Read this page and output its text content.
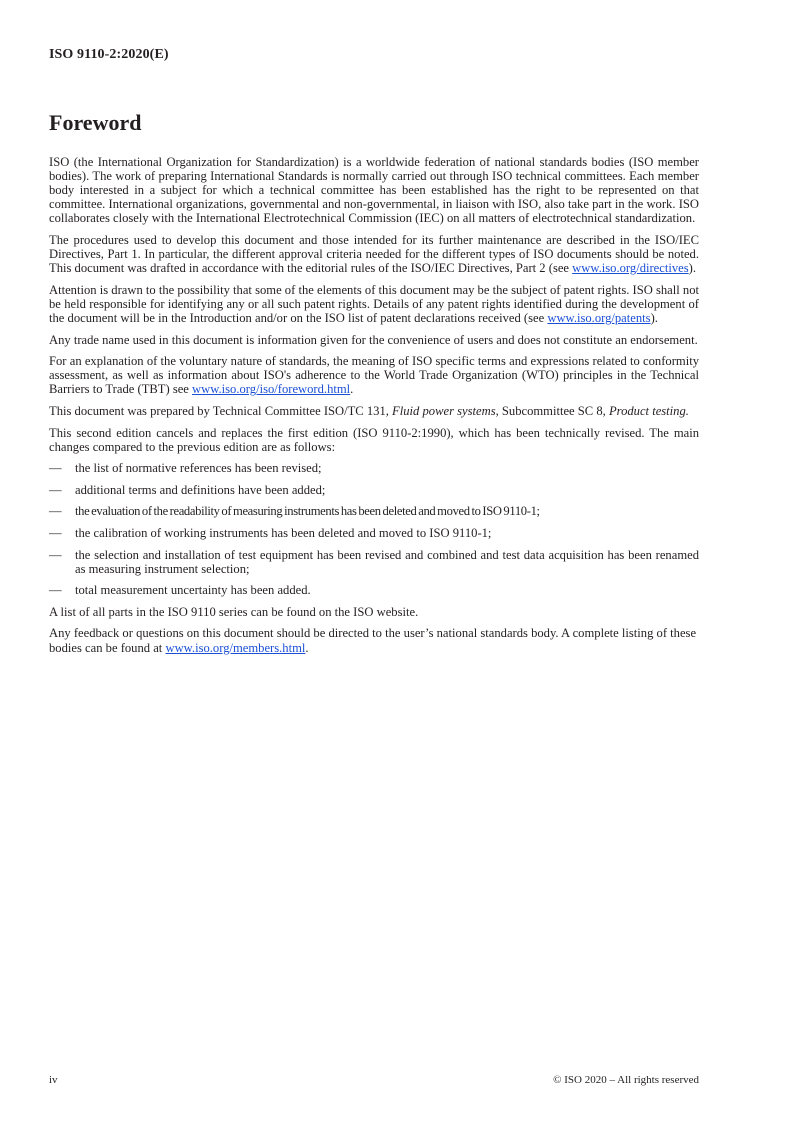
ISO 9110-2:2020(E)
Foreword

ISO (the International Organization for Standardization) is a worldwide federation of national standards bodies (ISO member bodies). The work of preparing International Standards is normally carried out through ISO technical committees. Each member body interested in a subject for which a technical committee has been established has the right to be represented on that committee. International organizations, governmental and non-governmental, in liaison with ISO, also take part in the work. ISO collaborates closely with the International Electrotechnical Commission (IEC) on all matters of electrotechnical standardization.

The procedures used to develop this document and those intended for its further maintenance are described in the ISO/IEC Directives, Part 1. In particular, the different approval criteria needed for the different types of ISO documents should be noted. This document was drafted in accordance with the editorial rules of the ISO/IEC Directives, Part 2 (see www.iso.org/directives).

Attention is drawn to the possibility that some of the elements of this document may be the subject of patent rights. ISO shall not be held responsible for identifying any or all such patent rights. Details of any patent rights identified during the development of the document will be in the Introduction and/or on the ISO list of patent declarations received (see www.iso.org/patents).

Any trade name used in this document is information given for the convenience of users and does not constitute an endorsement.

For an explanation of the voluntary nature of standards, the meaning of ISO specific terms and expressions related to conformity assessment, as well as information about ISO's adherence to the World Trade Organization (WTO) principles in the Technical Barriers to Trade (TBT) see www.iso.org/iso/foreword.html.

This document was prepared by Technical Committee ISO/TC 131, Fluid power systems, Subcommittee SC 8, Product testing.

This second edition cancels and replaces the first edition (ISO 9110-2:1990), which has been technically revised. The main changes compared to the previous edition are as follows:

— the list of normative references has been revised;
— additional terms and definitions have been added;
— the evaluation of the readability of measuring instruments has been deleted and moved to ISO 9110-1;
— the calibration of working instruments has been deleted and moved to ISO 9110-1;
— the selection and installation of test equipment has been revised and combined and test data acquisition has been renamed as measuring instrument selection;
— total measurement uncertainty has been added.

A list of all parts in the ISO 9110 series can be found on the ISO website.

Any feedback or questions on this document should be directed to the user’s national standards body. A complete listing of these bodies can be found at www.iso.org/members.html.

iv	© ISO 2020 – All rights reserved
